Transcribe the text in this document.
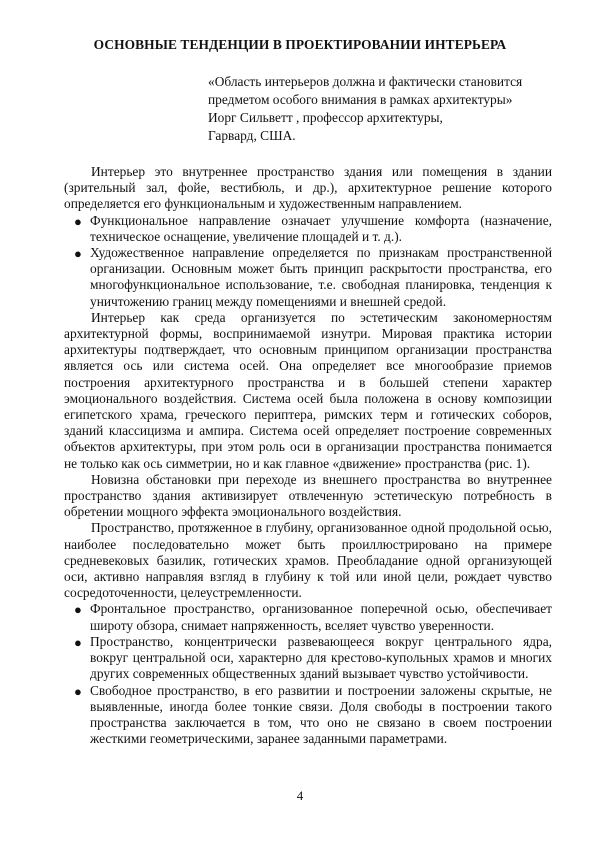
ОСНОВНЫЕ ТЕНДЕНЦИИ В ПРОЕКТИРОВАНИИ ИНТЕРЬЕРА
«Область интерьеров должна и фактически становится
предметом особого внимания в рамках архитектуры»
Иорг Сильветт , профессор архитектуры,
Гарвард, США.

Интерьер это внутреннее пространство здания или помещения в здании (зрительный зал, фойе, вестибюль, и др.), архитектурное решение которого определяется его функциональным и художественным направлением.

● Функциональное направление означает улучшение комфорта (назначение, техническое оснащение, увеличение площадей и т. д.).

● Художественное направление определяется по признакам пространственной организации. Основным может быть принцип раскрытости пространства, его многофункциональное использование, т.е. свободная планировка, тенденция к уничтожению границ между помещениями и внешней средой.

Интерьер как среда организуется по эстетическим закономерностям архитектурной формы, воспринимаемой изнутри. Мировая практика истории архитектуры подтверждает, что основным принципом организации пространства является ось или система осей. Она определяет все многообразие приемов построения архитектурного пространства и в большей степени характер эмоционального воздействия. Система осей была положена в основу композиции египетского храма, греческого периптера, римских терм и готических соборов, зданий классицизма и ампира. Система осей определяет построение современных объектов архитектуры, при этом роль оси в организации пространства понимается не только как ось симметрии, но и как главное «движение» пространства (рис. 1).

Новизна обстановки при переходе из внешнего пространства во внутреннее пространство здания активизирует отвлеченную эстетическую потребность в обретении мощного эффекта эмоционального воздействия.

Пространство, протяженное в глубину, организованное одной продольной осью, наиболее последовательно может быть проиллюстрировано на примере средневековых базилик, готических храмов. Преобладание одной организующей оси, активно направляя взгляд в глубину к той или иной цели, рождает чувство сосредоточенности, целеустремленности.

● Фронтальное пространство, организованное поперечной осью, обеспечивает широту обзора, снимает напряженность, вселяет чувство уверенности.

● Пространство, концентрически развевающееся вокруг центрального ядра, вокруг центральной оси, характерно для крестово-купольных храмов и многих других современных общественных зданий вызывает чувство устойчивости.

● Свободное пространство, в его развитии и построении заложены скрытые, не выявленные, иногда более тонкие связи. Доля свободы в построении такого пространства заключается в том, что оно не связано в своем построении жесткими геометрическими, заранее заданными параметрами.

4
